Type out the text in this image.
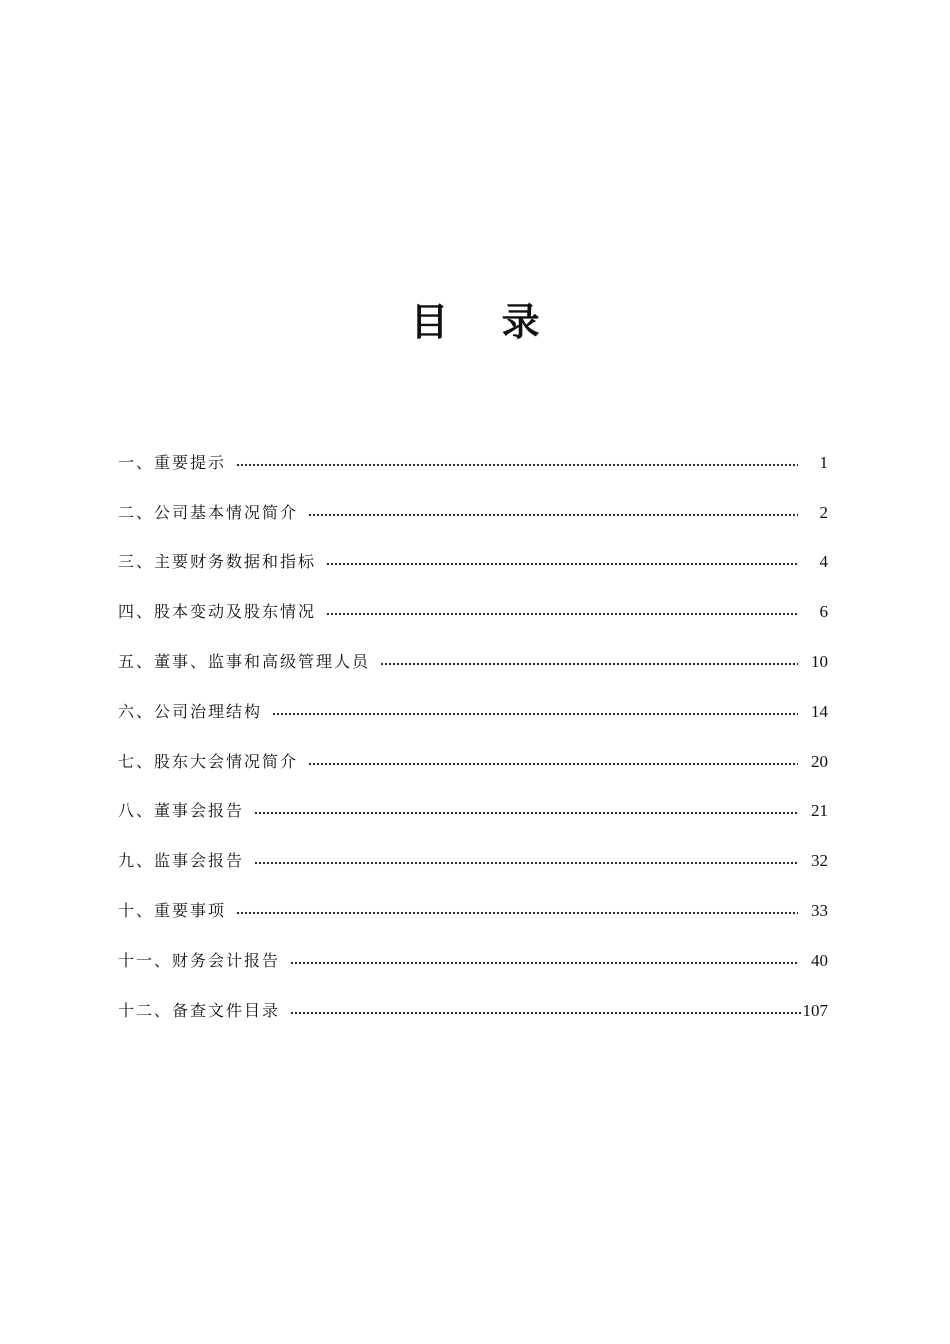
目 录
一、重要提示	1
二、公司基本情况简介	2
三、主要财务数据和指标	4
四、股本变动及股东情况	6
五、董事、监事和高级管理人员	10
六、公司治理结构	14
七、股东大会情况简介	20
八、董事会报告	21
九、监事会报告	32
十、重要事项	33
十一、财务会计报告	40
十二、备查文件目录	107
